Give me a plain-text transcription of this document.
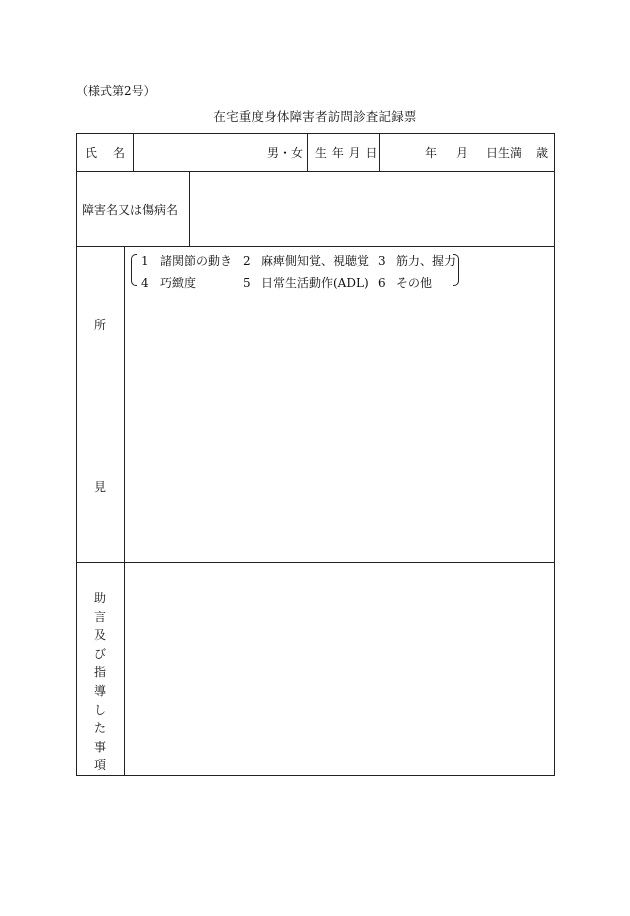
（様式第2号）
在宅重度身体障害者訪問診査記録票
氏 名	男・女 生 年 月 日	年 月 日生 満 歳
障害名又は傷病名
所
見
1 諸関節の動き 2 麻痺側知覚、視聴覚 3 筋力、握力
4 巧緻度	5 日常生活動作(ADL) 6 その他
助
言
及
び
指
導
し
た
事
項
